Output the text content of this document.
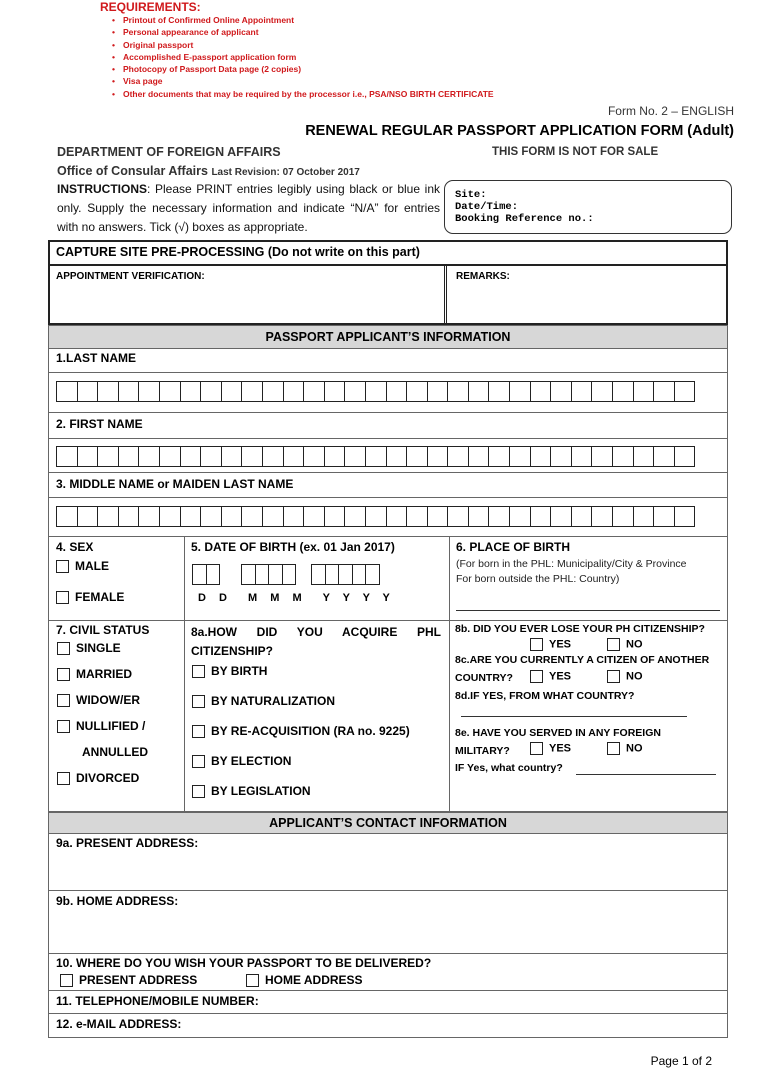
REQUIREMENTS:
• Printout of Confirmed Online Appointment
• Personal appearance of applicant
• Original passport
• Accomplished E-passport application form
• Photocopy of Passport Data page (2 copies)
• Visa page
• Other documents that may be required by the processor i.e., PSA/NSO BIRTH CERTIFICATE
Form No. 2 – ENGLISH
RENEWAL REGULAR PASSPORT APPLICATION FORM (Adult)
DEPARTMENT OF FOREIGN AFFAIRS	THIS FORM IS NOT FOR SALE
Office of Consular Affairs Last Revision: 07 October 2017
INSTRUCTIONS: Please PRINT entries legibly using black or blue ink only. Supply the necessary information and indicate “N/A” for entries with no answers. Tick (√) boxes as appropriate.
Site:
Date/Time:
Booking Reference no.:
CAPTURE SITE PRE-PROCESSING (Do not write on this part)
APPOINTMENT VERIFICATION:	REMARKS:
PASSPORT APPLICANT’S INFORMATION
1.LAST NAME
2. FIRST NAME
3. MIDDLE NAME or MAIDEN LAST NAME
4. SEX
MALE
FEMALE
5. DATE OF BIRTH (ex. 01 Jan 2017)
D D  M M M  Y Y Y Y
6. PLACE OF BIRTH
(For born in the PHL: Municipality/City & Province
For born outside the PHL: Country)
7. CIVIL STATUS
SINGLE
MARRIED
WIDOW/ER
NULLIFIED /
ANNULLED
DIVORCED
8a.HOW DID YOU ACQUIRE PHL CITIZENSHIP?
BY BIRTH
BY NATURALIZATION
BY RE-ACQUISITION (RA no. 9225)
BY ELECTION
BY LEGISLATION
8b. DID YOU EVER LOSE YOUR PH CITIZENSHIP?
YES	NO
8c.ARE YOU CURRENTLY A CITIZEN OF ANOTHER
COUNTRY?	YES	NO
8d.IF YES, FROM WHAT COUNTRY?
8e. HAVE YOU SERVED IN ANY FOREIGN
MILITARY?	YES	NO
IF Yes, what country?
APPLICANT’S CONTACT INFORMATION
9a. PRESENT ADDRESS:
9b. HOME ADDRESS:
10. WHERE DO YOU WISH YOUR PASSPORT TO BE DELIVERED?
PRESENT ADDRESS	HOME ADDRESS
11. TELEPHONE/MOBILE NUMBER:
12. e-MAIL ADDRESS:
Page 1 of 2
